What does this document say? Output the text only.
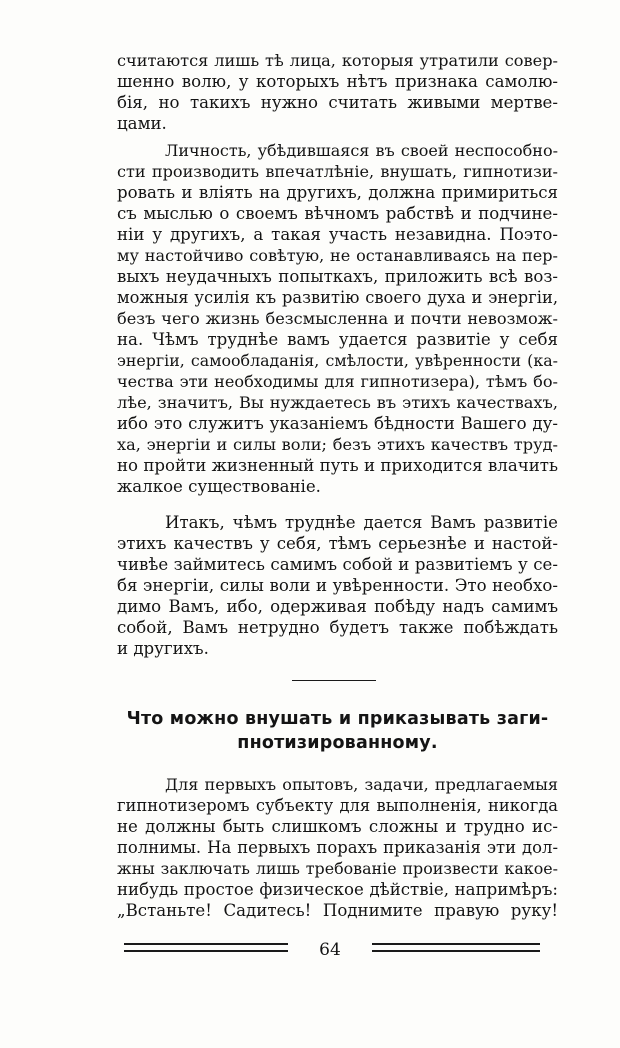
считаются лишь тѣ лица, которыя утратили совер-
шенно волю, у которыхъ нѣтъ признака самолю-
бія, но такихъ нужно считать живыми мертве-
цами.
Личность, убѣдившаяся въ своей неспособно-
сти производить впечатлѣніе, внушать, гипнотизи-
ровать и вліять на другихъ, должна примириться
съ мыслью о своемъ вѣчномъ рабствѣ и подчине-
ніи у другихъ, а такая участь незавидна. Поэто-
му настойчиво совѣтую, не останавливаясь на пер-
выхъ неудачныхъ попыткахъ, приложить всѣ воз-
можныя усилія къ развитію своего духа и энергіи,
безъ чего жизнь безсмысленна и почти невозмож-
на. Чѣмъ труднѣе вамъ удается развитіе у себя
энергіи, самообладанія, смѣлости, увѣренности (ка-
чества эти необходимы для гипнотизера), тѣмъ бо-
лѣе, значитъ, Вы нуждаетесь въ этихъ качествахъ,
ибо это служитъ указаніемъ бѣдности Вашего ду-
ха, энергіи и силы воли; безъ этихъ качествъ труд-
но пройти жизненный путь и приходится влачить
жалкое существованіе.
Итакъ, чѣмъ труднѣе дается Вамъ развитіе
этихъ качествъ у себя, тѣмъ серьезнѣе и настой-
чивѣе займитесь самимъ собой и развитіемъ у се-
бя энергіи, силы воли и увѣренности. Это необхо-
димо Вамъ, ибо, одерживая побѣду надъ самимъ
собой, Вамъ нетрудно будетъ также побѣждать
и другихъ.
Что можно внушать и приказывать заги-
пнотизированному.
Для первыхъ опытовъ, задачи, предлагаемыя
гипнотизеромъ субъекту для выполненія, никогда
не должны быть слишкомъ сложны и трудно ис-
полнимы. На первыхъ порахъ приказанія эти дол-
жны заключать лишь требованіе произвести какое-
нибудь простое физическое дѣйствіе, напримѣръ:
„Встаньте! Садитесь! Поднимите правую руку!
64
